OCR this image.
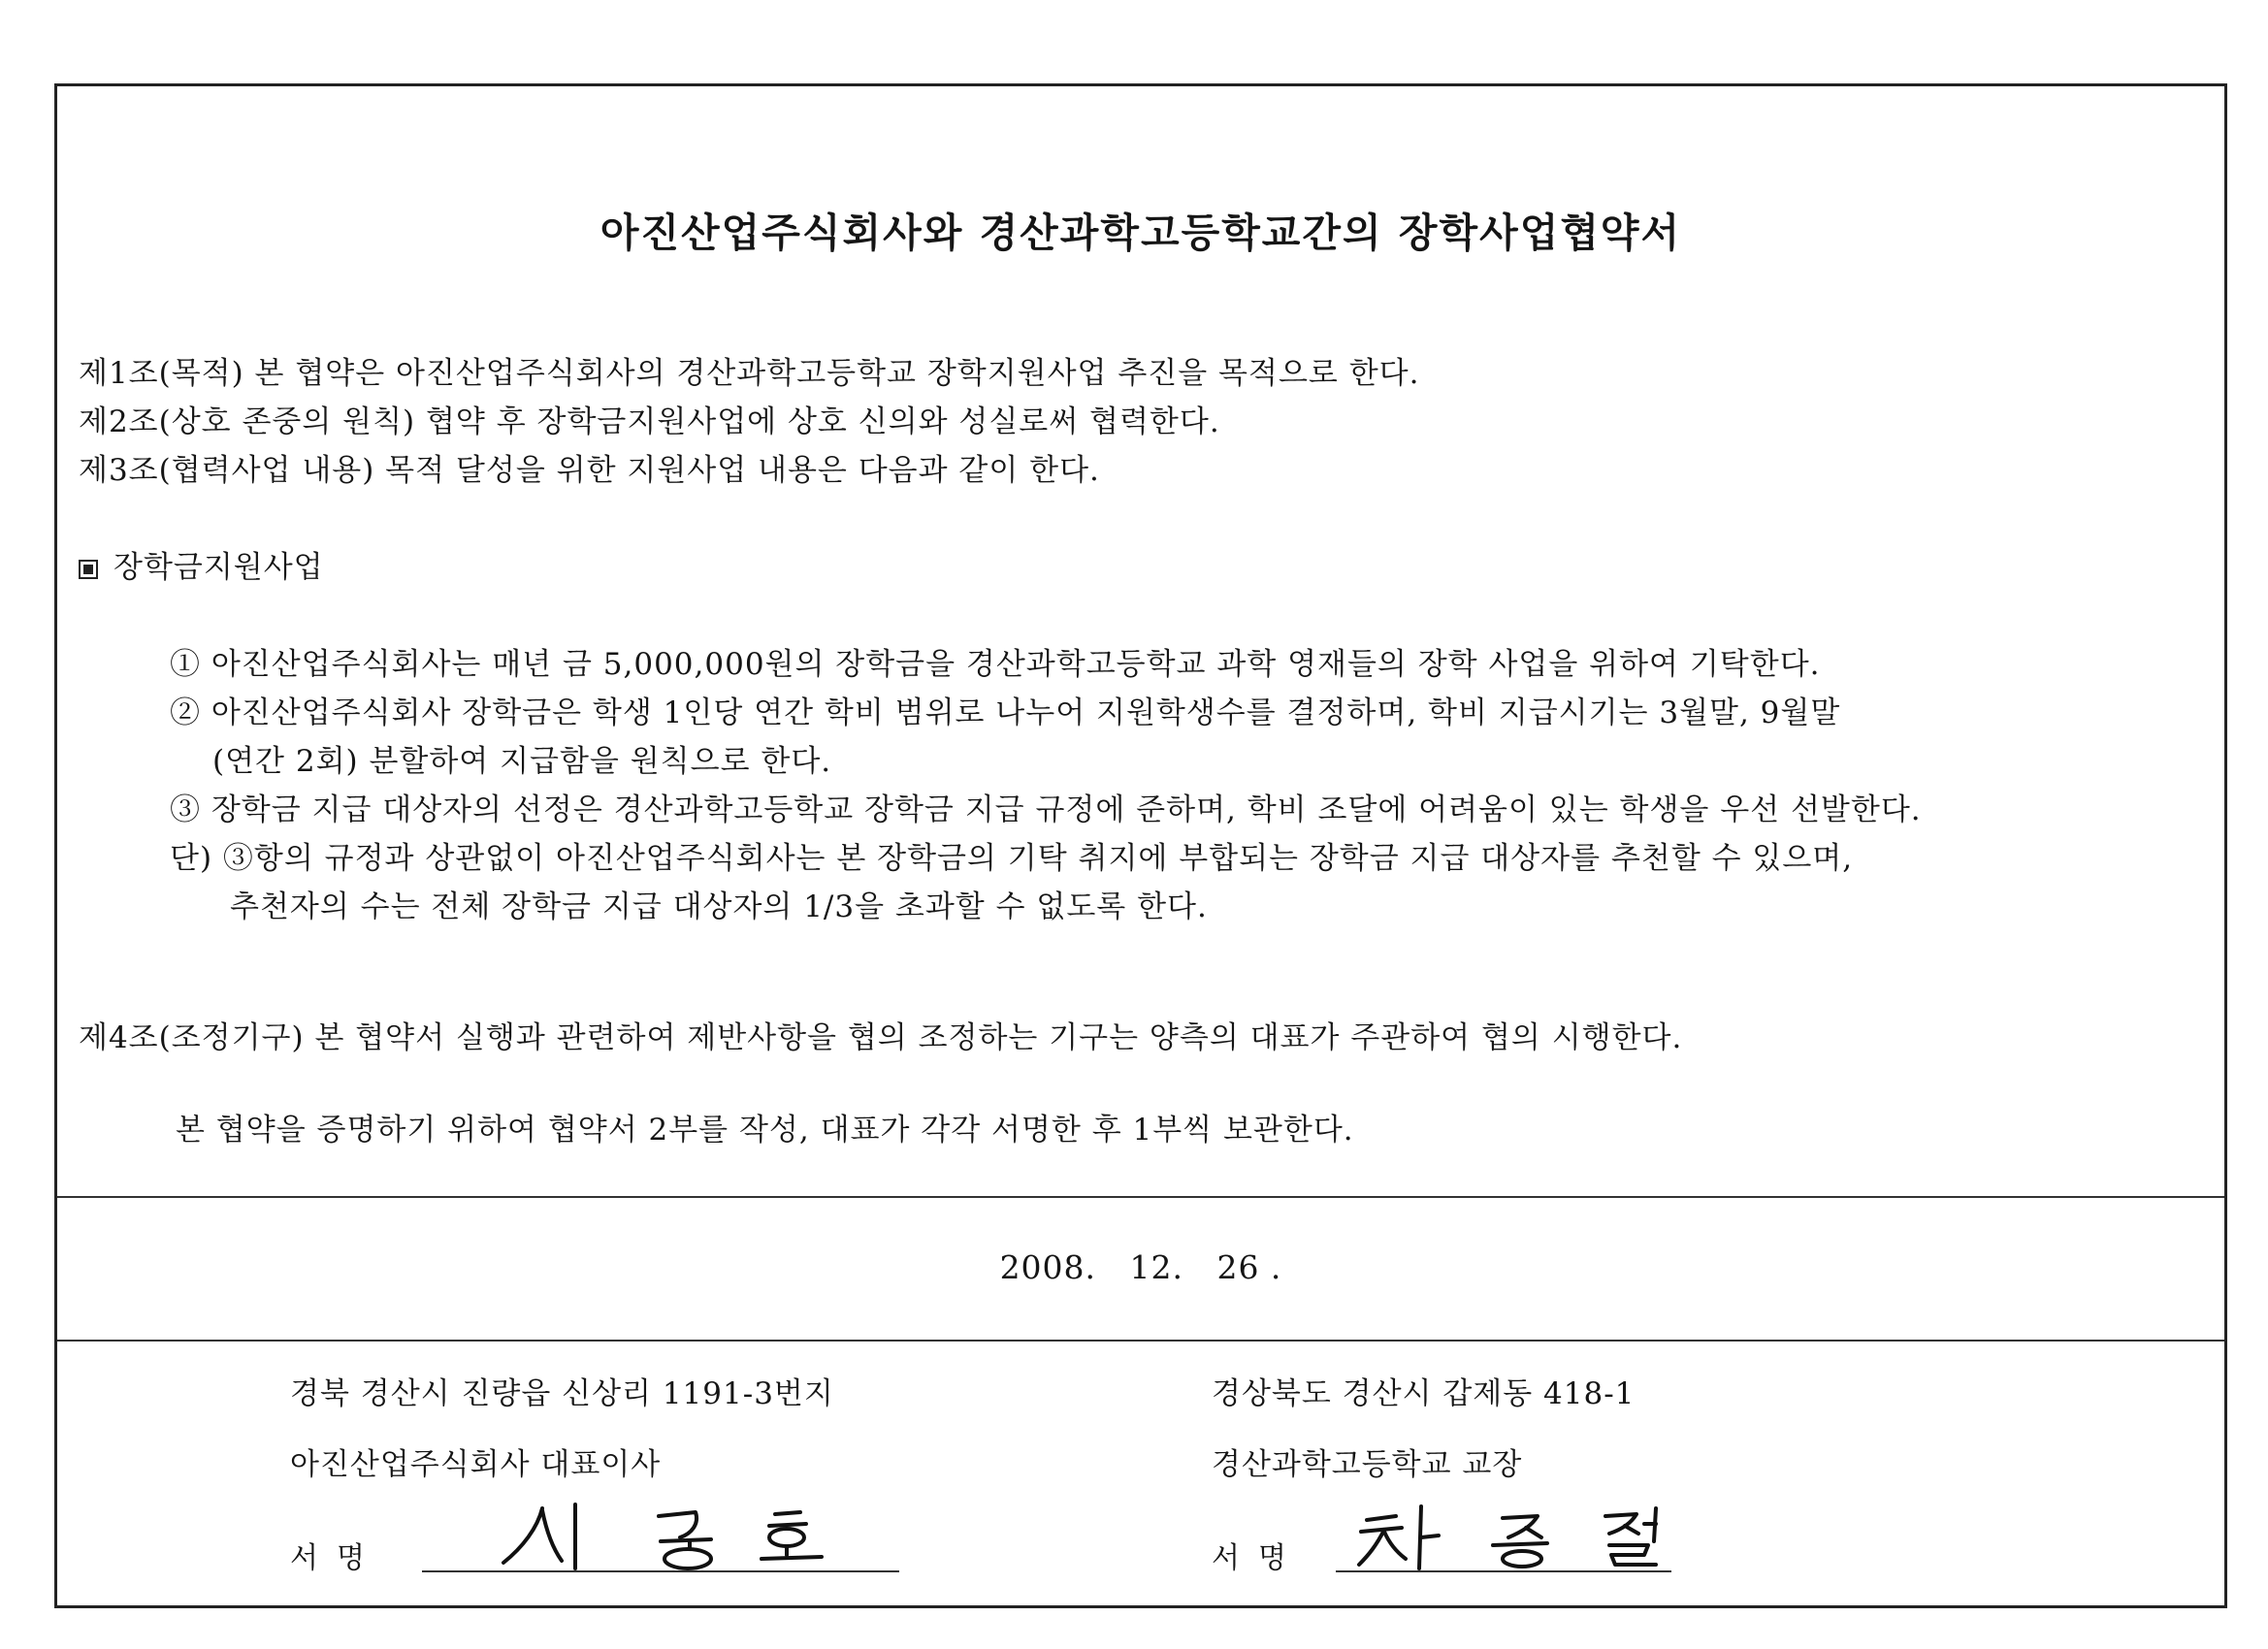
아진산업주식회사와 경산과학고등학교간의 장학사업협약서
제1조(목적) 본 협약은 아진산업주식회사의 경산과학고등학교 장학지원사업 추진을 목적으로 한다.
제2조(상호 존중의 원칙) 협약 후 장학금지원사업에 상호 신의와 성실로써 협력한다.
제3조(협력사업 내용) 목적 달성을 위한 지원사업 내용은 다음과 같이 한다.
장학금지원사업
① 아진산업주식회사는 매년 금 5,000,000원의 장학금을 경산과학고등학교 과학 영재들의 장학 사업을 위하여 기탁한다.
② 아진산업주식회사 장학금은 학생 1인당 연간 학비 범위로 나누어 지원학생수를 결정하며, 학비 지급시기는 3월말, 9월말
(연간 2회) 분할하여 지급함을 원칙으로 한다.
③ 장학금 지급 대상자의 선정은 경산과학고등학교 장학금 지급 규정에 준하며, 학비 조달에 어려움이 있는 학생을 우선 선발한다.
단) ③항의 규정과 상관없이 아진산업주식회사는 본 장학금의 기탁 취지에 부합되는 장학금 지급 대상자를 추천할 수 있으며,
추천자의 수는 전체 장학금 지급 대상자의 1/3을 초과할 수 없도록 한다.
제4조(조정기구) 본 협약서 실행과 관련하여 제반사항을 협의 조정하는 기구는 양측의 대표가 주관하여 협의 시행한다.
본 협약을 증명하기 위하여 협약서 2부를 작성, 대표가 각각 서명한 후 1부씩 보관한다.
2008.   12.   26 .
경북 경산시 진량읍 신상리 1191-3번지
아진산업주식회사 대표이사
서  명
경상북도 경산시 갑제동 418-1
경산과학고등학교 교장
서  명
